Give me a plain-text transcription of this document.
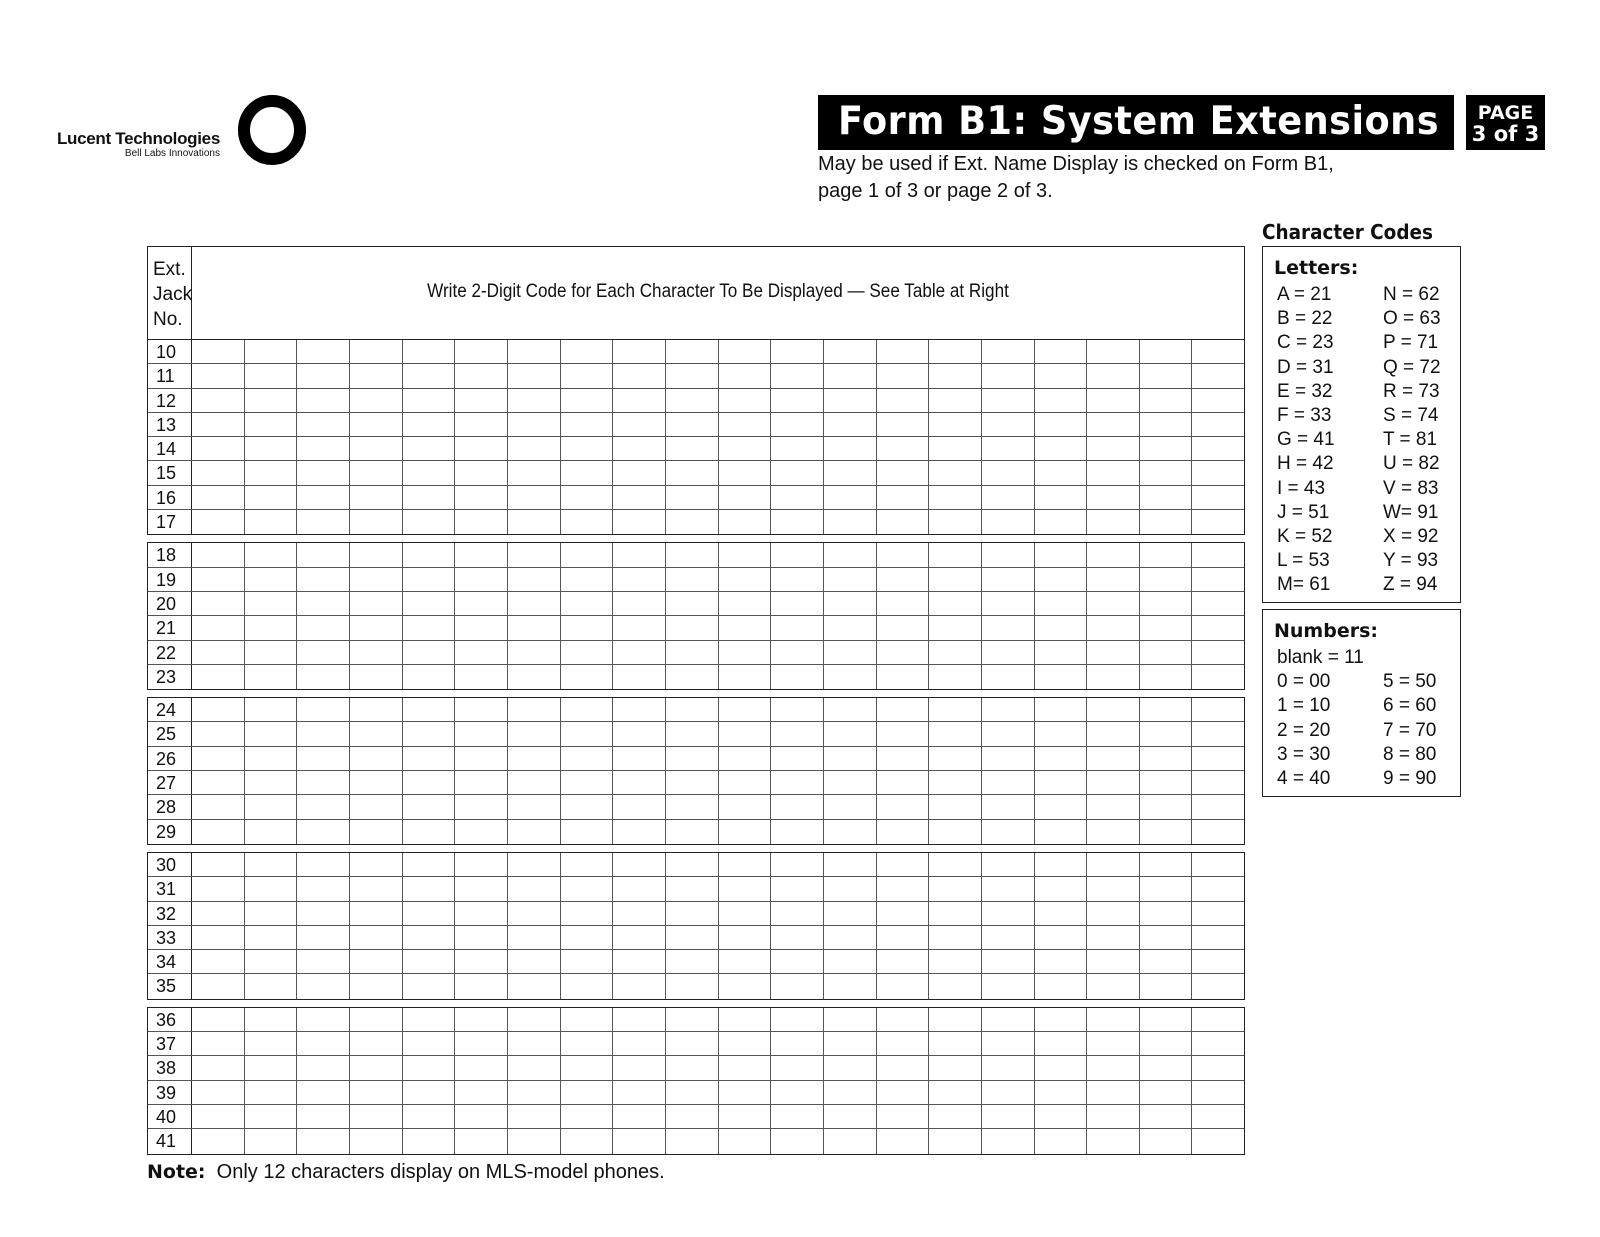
Lucent Technologies
Bell Labs Innovations
Form B1: System Extensions	PAGE
3 of 3
May be used if Ext. Name Display is checked on Form B1,
page 1 of 3 or page 2 of 3.
Ext.
Jack
No.
Write 2-Digit Code for Each Character To Be Displayed — See Table at Right
10
11
12
13
14
15
16
17
18
19
20
21
22
23
24
25
26
27
28
29
30
31
32
33
34
35
36
37
38
39
40
41
Character Codes
Letters:
A = 21	N = 62
B = 22	O = 63
C = 23	P = 71
D = 31	Q = 72
E = 32	R = 73
F = 33	S = 74
G = 41	T = 81
H = 42	U = 82
I = 43	V = 83
J = 51	W= 91
K = 52	X = 92
L = 53	Y = 93
M= 61	Z = 94
Numbers:
blank = 11
0 = 00	5 = 50
1 = 10	6 = 60
2 = 20	7 = 70
3 = 30	8 = 80
4 = 40	9 = 90
Note: Only 12 characters display on MLS-model phones.
